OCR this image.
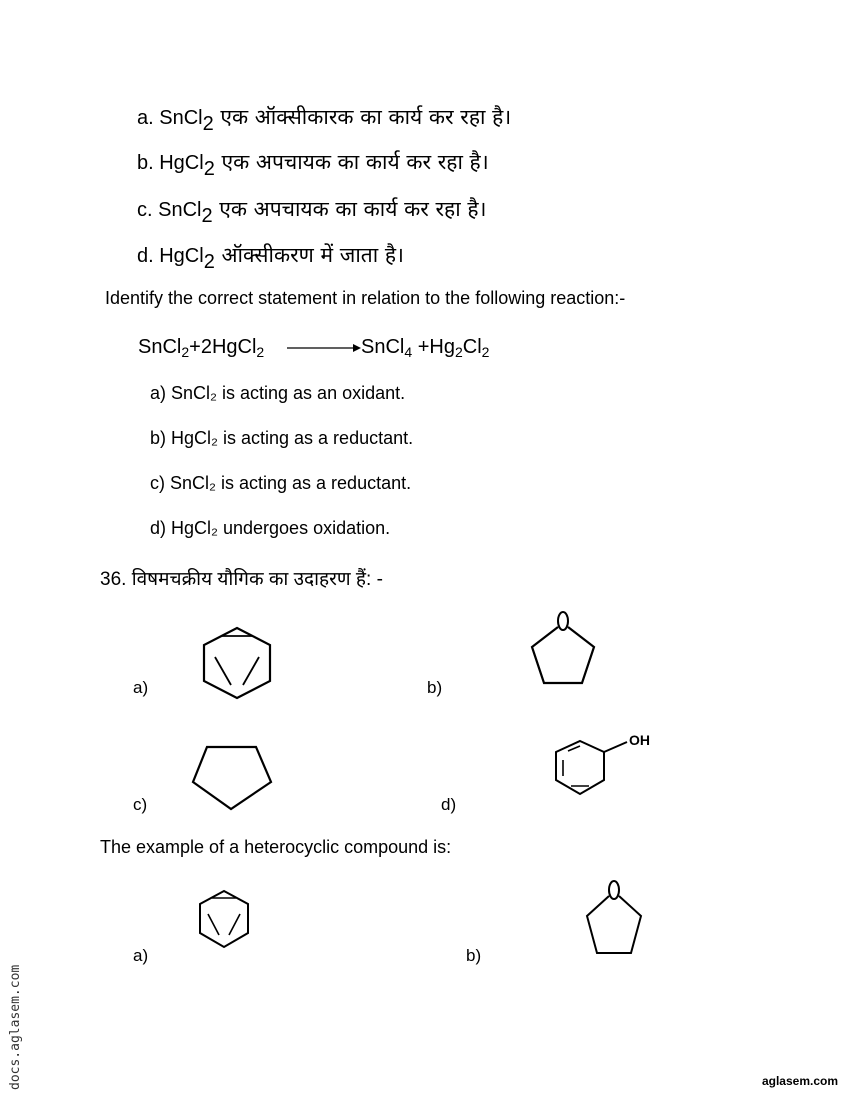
a. SnCl2 एक ऑक्सीकारक का कार्य कर रहा है।
b. HgCl2 एक अपचायक का कार्य कर रहा है।
c. SnCl2 एक अपचायक का कार्य कर रहा है।
d. HgCl2 ऑक्सीकरण में जाता है।
Identify the correct statement in relation to the following reaction:-
SnCl$_2$+2HgCl$_2$	SnCl$_4$ $+Hg_2Cl_2$
a) SnCl₂ is acting as an oxidant.
b) HgCl₂ is acting as a reductant.
c) SnCl₂ is acting as a reductant.
d) HgCl₂ undergoes oxidation.
36. विषमचक्रीय यौगिक का उदाहरण हैं: -
a)	b)
c)	d)
OH
The example of a heterocyclic compound is:
a)	b)
docs.aglasem.com	aglasem.com
